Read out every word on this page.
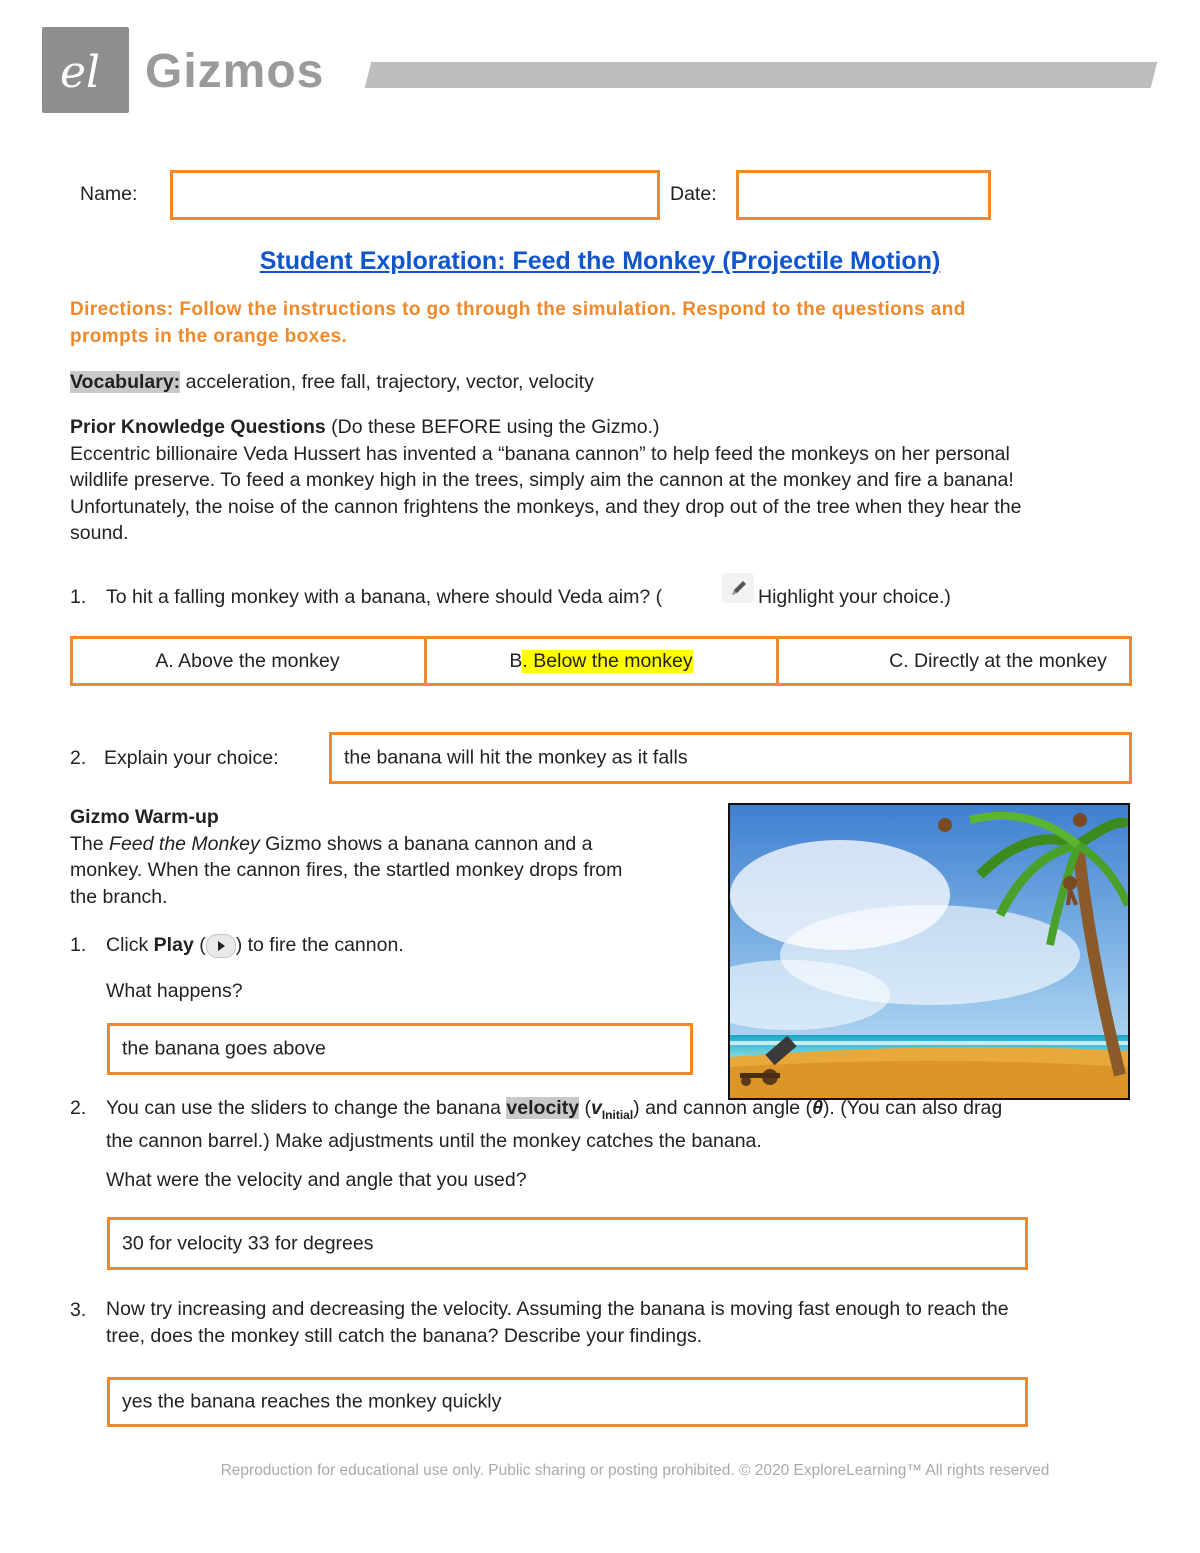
el Gizmos
Name:	Date:
Student Exploration: Feed the Monkey (Projectile Motion)
Directions: Follow the instructions to go through the simulation. Respond to the questions and
prompts in the orange boxes.
Vocabulary: acceleration, free fall, trajectory, vector, velocity
Prior Knowledge Questions (Do these BEFORE using the Gizmo.)
Eccentric billionaire Veda Hussert has invented a “banana cannon” to help feed the monkeys on her personal
wildlife preserve. To feed a monkey high in the trees, simply aim the cannon at the monkey and fire a banana!
Unfortunately, the noise of the cannon frightens the monkeys, and they drop out of the tree when they hear the
sound.
1. To hit a falling monkey with a banana, where should Veda aim? (	Highlight your choice.)
A. Above the monkey	B . Below the monkey	C. Directly at the monkey
2. Explain your choice:	the banana will hit the monkey as it falls
Gizmo Warm-up
The Feed the Monkey Gizmo shows a banana cannon and a
monkey. When the cannon fires, the startled monkey drops from
the branch.
1. Click Play ( ) to fire the cannon.
What happens?
the banana goes above
2. You can use the sliders to change the banana velocity $(v_{Initial})$ and cannon angle (θ). (You can also drag
the cannon barrel.) Make adjustments until the monkey catches the banana.
What were the velocity and angle that you used?
30 for velocity 33 for degrees
3. Now try increasing and decreasing the velocity. Assuming the banana is moving fast enough to reach the
tree, does the monkey still catch the banana? Describe your findings.
yes the banana reaches the monkey quickly
Reproduction for educational use only. Public sharing or posting prohibited. © 2020 ExploreLearning™ All rights reserved
